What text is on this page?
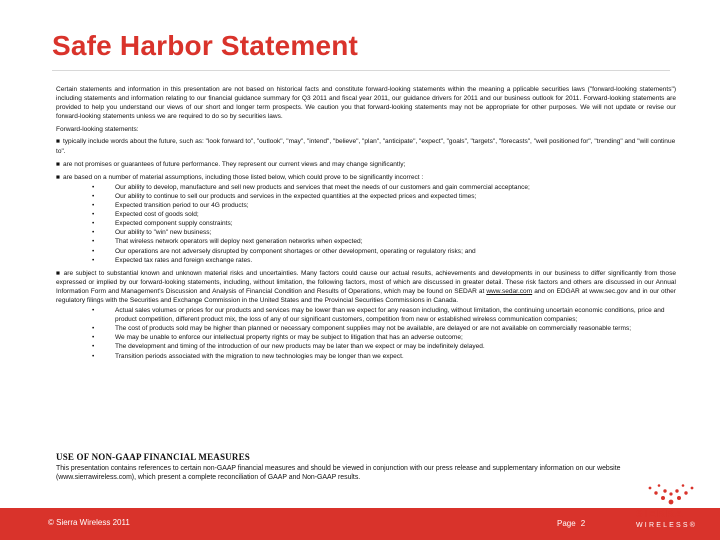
Safe Harbor Statement

Certain statements and information in this presentation are not based on historical facts and constitute forward-looking statements within the meaning a pplicable securities laws ("forward-looking statements") including statements and information relating to our financial guidance summary for Q3 2011 and fiscal year 2011, our guidance drivers for 2011 and our business outlook for 2011. Forward-looking statements are provided to help you understand our views of our short and longer term prospects. We caution you that forward-looking statements may not be appropriate for other purposes. We will not update or revise our forward-looking statements unless we are required to do so by securities laws.

Forward-looking statements:

■ typically include words about the future, such as: "look forward to", "outlook", "may", "intend", "believe", "plan", "anticipate", "expect", "goals", "targets", "forecasts", "well positioned for", "trending" and "will continue to".
■ are not promises or guarantees of future performance. They represent our current views and may change significantly;
■ are based on a number of material assumptions, including those listed below, which could prove to be significantly incorrect :
•	Our ability to develop, manufacture and sell new products and services that meet the needs of our customers and gain commercial acceptance;
•	Our ability to continue to sell our products and services in the expected quantities at the expected prices and expected times;
•	Expected transition period to our 4G products;
•	Expected cost of goods sold;
•	Expected component supply constraints;
•	Our ability to "win" new business;
•	That wireless network operators will deploy next generation networks when expected;
•	Our operations are not adversely disrupted by component shortages or other development, operating or regulatory risks; and
•	Expected tax rates and foreign exchange rates.

■ are subject to substantial known and unknown material risks and uncertainties. Many factors could cause our actual results, achievements and developments in our business to differ significantly from those expressed or implied by our forward-looking statements, including, without limitation, the following factors, most of which are discussed in greater detail. These risk factors and others are discussed in our Annual Information Form and Management's Discussion and Analysis of Financial Condition and Results of Operations, which may be found on SEDAR at www.sedar.com and on EDGAR at www.sec.gov and in our other regulatory filings with the Securities and Exchange Commission in the United States and the Provincial Securities Commissions in Canada.

•	Actual sales volumes or prices for our products and services may be lower than we expect for any reason including, without limitation, the continuing uncertain economic conditions, price and product competition, different product mix, the loss of any of our significant customers, competition from new or established wireless communication companies;
•	The cost of products sold may be higher than planned or necessary component supplies may not be available, are delayed or are not available on commercially reasonable terms;
•	We may be unable to enforce our intellectual property rights or may be subject to litigation that has an adverse outcome;
•	The development and timing of the introduction of our new products may be later than we expect or may be indefinitely delayed.
•	Transition periods associated with the migration to new technologies may be longer than we expect.
USE OF NON-GAAP FINANCIAL MEASURES

This presentation contains references to certain non-GAAP financial measures and should be viewed in conjunction with our press release and supplementary information on our website (www.sierrawireless.com), which present a complete reconciliation of GAAP and Non-GAAP results.

© Sierra Wireless 2011	Page 2
SIERRA
WIRELESS®
